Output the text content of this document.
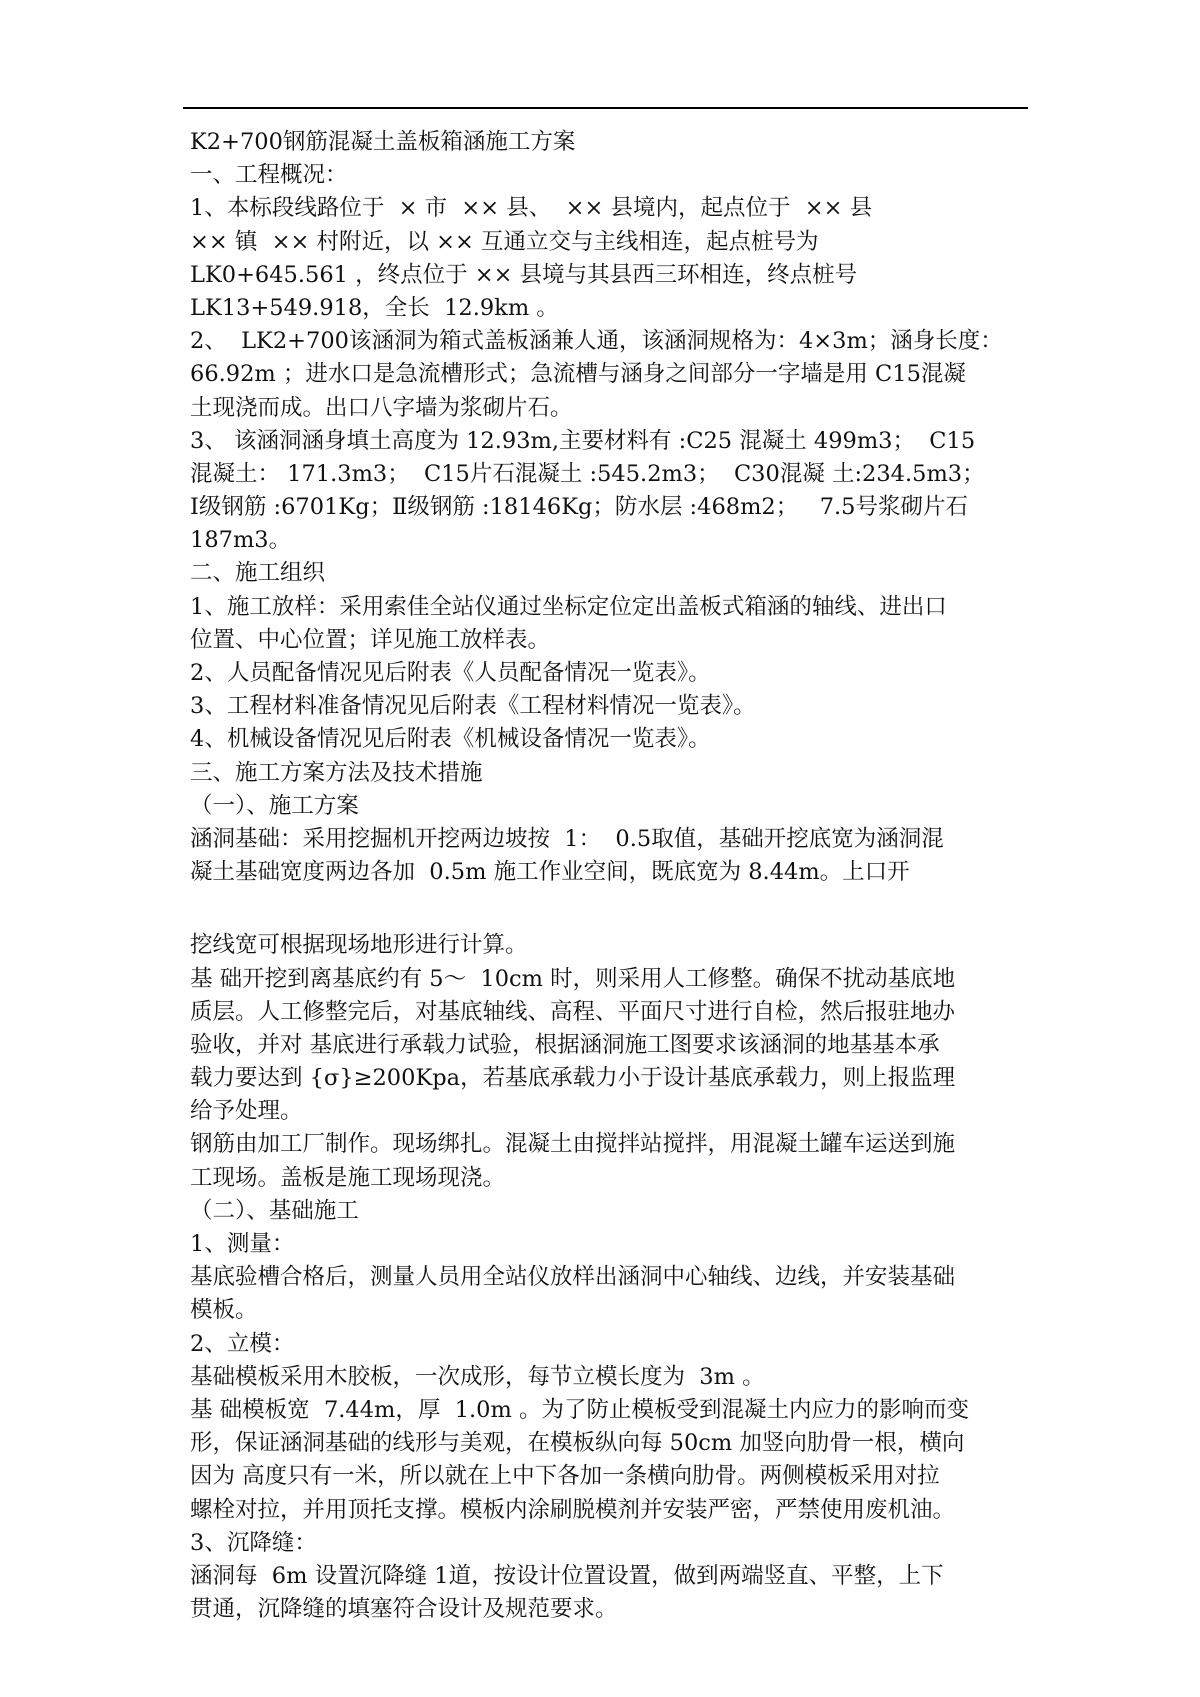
K2+700钢筋混凝土盖板箱涵施工方案
一、工程概况：
1、本标段线路位于  × 市  ×× 县、  ×× 县境内，起点位于  ×× 县
×× 镇  ×× 村附近，以 ×× 互通立交与主线相连，起点桩号为
LK0+645.561 ，终点位于 ×× 县境与其县西三环相连，终点桩号
LK13+549.918，全长  12.9km 。
2、  LK2+700该涵洞为箱式盖板涵兼人通，该涵洞规格为：4×3m；涵身长度：
66.92m ；进水口是急流槽形式；急流槽与涵身之间部分一字墙是用 C15混凝
土现浇而成。出口八字墙为浆砌片石。
3、 该涵洞涵身填土高度为 12.93m,主要材料有 :C25 混凝土 499m3；  C15
混凝土： 171.3m3；  C15片石混凝土 :545.2m3；  C30混凝 土:234.5m3；
Ⅰ级钢筋 :6701Kg；Ⅱ级钢筋 :18146Kg；防水层 :468m2；   7.5号浆砌片石
187m3。
二、施工组织
1、施工放样：采用索佳全站仪通过坐标定位定出盖板式箱涵的轴线、进出口
位置、中心位置；详见施工放样表。
2、人员配备情况见后附表《人员配备情况一览表》。
3、工程材料准备情况见后附表《工程材料情况一览表》。
4、机械设备情况见后附表《机械设备情况一览表》。
三、施工方案方法及技术措施
（一）、施工方案
涵洞基础：采用挖掘机开挖两边坡按  1：  0.5取值，基础开挖底宽为涵洞混
凝土基础宽度两边各加  0.5m 施工作业空间，既底宽为 8.44m。上口开
挖线宽可根据现场地形进行计算。
基 础开挖到离基底约有 5～  10cm 时，则采用人工修整。确保不扰动基底地
质层。人工修整完后，对基底轴线、高程、平面尺寸进行自检，然后报驻地办
验收，并对 基底进行承载力试验，根据涵洞施工图要求该涵洞的地基基本承
载力要达到 {σ}≥200Kpa，若基底承载力小于设计基底承载力，则上报监理
给予处理。
钢筋由加工厂制作。现场绑扎。混凝土由搅拌站搅拌，用混凝土罐车运送到施
工现场。盖板是施工现场现浇。
（二）、基础施工
1、测量：
基底验槽合格后，测量人员用全站仪放样出涵洞中心轴线、边线，并安装基础
模板。
2、立模：
基础模板采用木胶板，一次成形，每节立模长度为  3m 。
基 础模板宽  7.44m，厚  1.0m 。为了防止模板受到混凝土内应力的影响而变
形，保证涵洞基础的线形与美观，在模板纵向每 50cm 加竖向肋骨一根，横向
因为 高度只有一米，所以就在上中下各加一条横向肋骨。两侧模板采用对拉
螺栓对拉，并用顶托支撑。模板内涂刷脱模剂并安装严密，严禁使用废机油。
3、沉降缝：
涵洞每  6m 设置沉降缝 1道，按设计位置设置，做到两端竖直、平整，上下
贯通，沉降缝的填塞符合设计及规范要求。
